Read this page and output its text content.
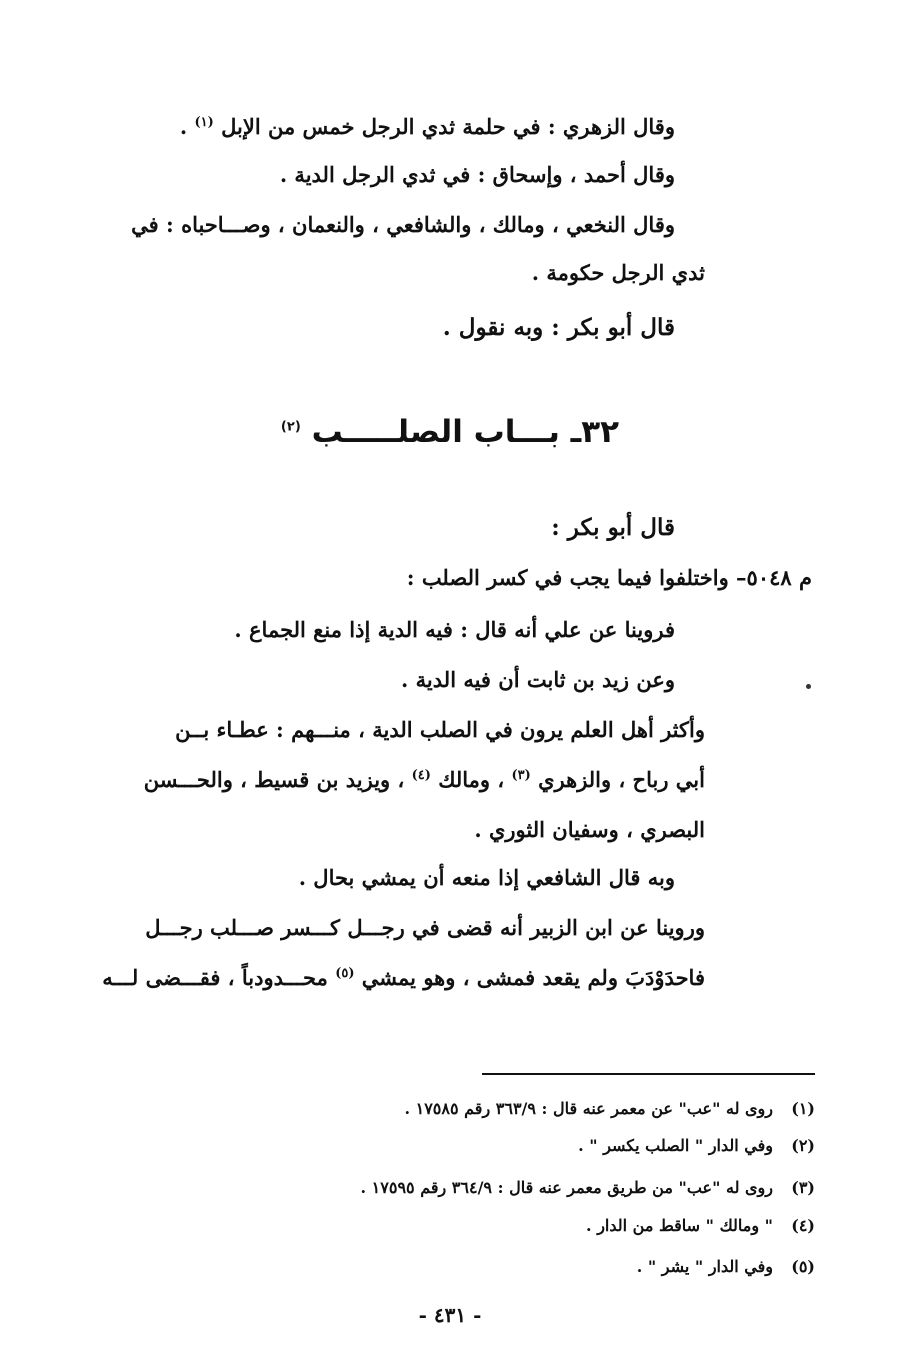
وقال الزهري : في حلمة ثدي الرجل خمس من الإبل $^{(١)}$ .
وقال أحمد ، وإسحاق : في ثدي الرجل الدية .
وقال النخعي ، ومالك ، والشافعي ، والنعمان ، وصـــاحباه : في
ثدي الرجل حكومة .
قال أبو بكر : وبه نقول .
٣٢ـ بـــاب الصلـــــب $^{(٢)}$
قال أبو بكر :
م ٥٠٤٨– واختلفوا فيما يجب في كسر الصلب :
فروينا عن علي أنه قال : فيه الدية إذا منع الجماع .
وعن زيد بن ثابت أن فيه الدية .
وأكثر أهل العلم يرون في الصلب الدية ، منـــهم : عطـاء بــن
أبي رباح ، والزهري $^{(٣)}$ ، ومالك $^{(٤)}$ ، ويزيد بن قسيط ، والحـــسن
البصري ، وسفيان الثوري .
وبه قال الشافعي إذا منعه أن يمشي بحال .
وروينا عن ابن الزبير أنه قضى في رجـــل كـــسر صـــلب رجـــل
فاحدَوْدَبَ ولم يقعد فمشى ، وهو يمشي $^{(٥)}$ محـــدودباً ، فقـــضى لـــه
(١)روى له "عب" عن معمر عنه قال : ٣٦٣/٩ رقم ١٧٥٨٥ .
(٢)وفي الدار " الصلب يكسر " .
(٣)روى له "عب" من طريق معمر عنه قال : ٣٦٤/٩ رقم ١٧٥٩٥ .
(٤)" ومالك " ساقط من الدار .
(٥)وفي الدار " يشر " .
- ٤٣١ -
